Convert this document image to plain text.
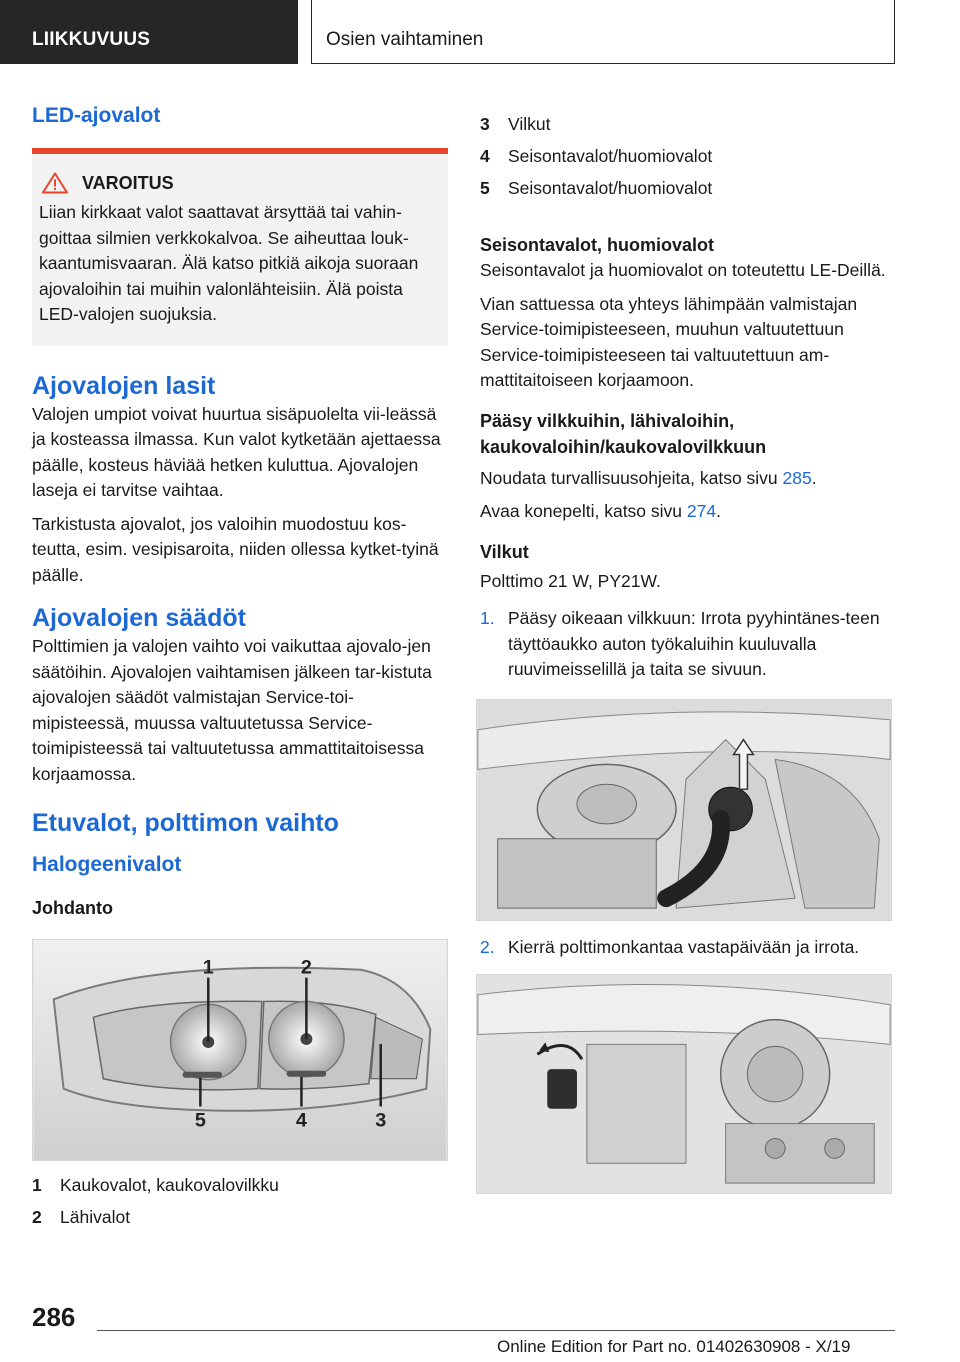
LIIKKUVUUS	Osien vaihtaminen
LED-ajovalot
VAROITUS

Liian kirkkaat valot saattavat ärsyttää tai vahin-goittaa silmien verkkokalvoa. Se aiheuttaa louk-kaantumisvaaran. Älä katso pitkiä aikoja suoraan ajovaloihin tai muihin valonlähteisiin. Älä poista LED-valojen suojuksia.

Ajovalojen lasit

Valojen umpiot voivat huurtua sisäpuolelta vii-leässä ja kosteassa ilmassa. Kun valot kytketään ajettaessa päälle, kosteus häviää hetken kuluttua. Ajovalojen laseja ei tarvitse vaihtaa.

Tarkistusta ajovalot, jos valoihin muodostuu kos-teutta, esim. vesipisaroita, niiden ollessa kytket-tyinä päälle.

Ajovalojen säädöt

Polttimien ja valojen vaihto voi vaikuttaa ajovalo-jen säätöihin. Ajovalojen vaihtamisen jälkeen tar-kistuta ajovalojen säädöt valmistajan Service-toi-mipisteessä, muussa valtuutetussa Service-toimipisteessä tai valtuutetussa ammattitaitoisessa korjaamossa.

Etuvalot, polttimon vaihto
Halogeenivalot
Johdanto
1	2
5	4	3
1	Kaukovalot, kaukovalovilkku
2	Lähivalot
3	Vilkut
4	Seisontavalot/huomiovalot
5	Seisontavalot/huomiovalot
Seisontavalot, huomiovalot

Seisontavalot ja huomiovalot on toteutettu LE-Deillä.

Vian sattuessa ota yhteys lähimpään valmistajan Service-toimipisteeseen, muuhun valtuutettuun Service-toimipisteeseen tai valtuutettuun am-mattitaitoiseen korjaamoon.

Pääsy vilkkuihin, lähivaloihin, kaukovaloihin/kaukovalovilkkuun

Noudata turvallisuusohjeita, katso sivu 285.

Avaa konepelti, katso sivu 274.

Vilkut

Polttimo 21 W, PY21W.

1. Pääsy oikeaan vilkkuun: Irrota pyyhintänes-teen täyttöaukko auton työkaluihin kuuluvalla ruuvimeisselillä ja taita se sivuun.
2. Kierrä polttimonkantaa vastapäivään ja irrota.
286
Online Edition for Part no. 01402630908 - X/19
